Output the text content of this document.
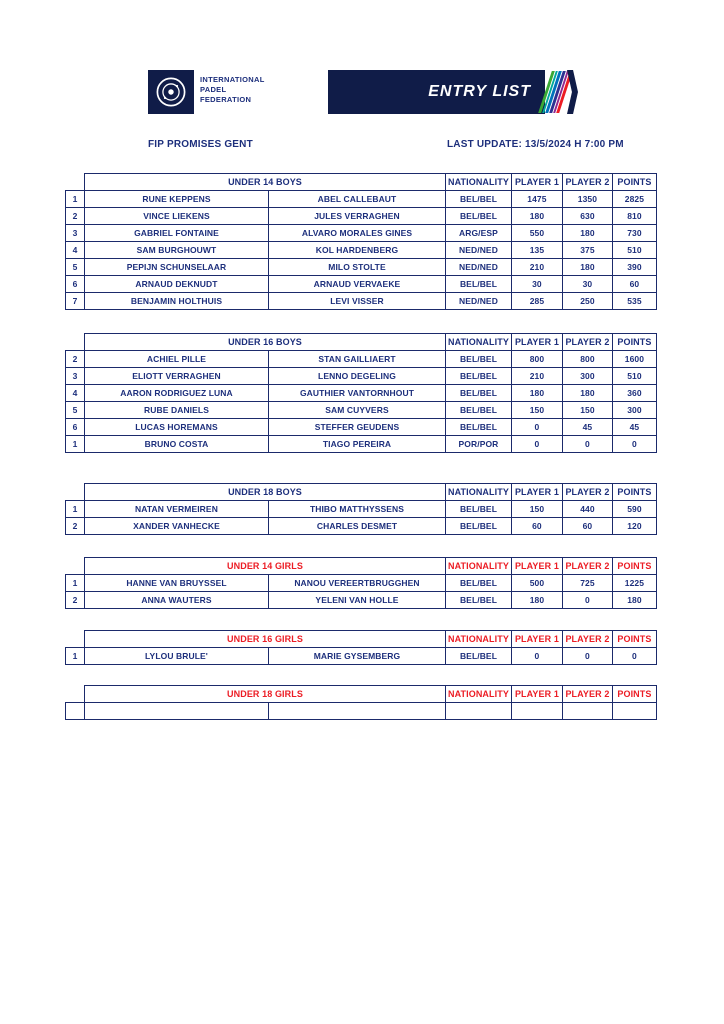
INTERNATIONAL
PADEL
FEDERATION	ENTRY LIST
FIP PROMISES GENT	LAST UPDATE: 13/5/2024 H 7:00 PM
	UNDER 14 BOYS		NATIONALITY	PLAYER 1	PLAYER 2	POINTS
1	RUNE KEPPENS	ABEL CALLEBAUT	BEL/BEL	1475	1350	2825
2	VINCE LIEKENS	JULES VERRAGHEN	BEL/BEL	180	630	810
3	GABRIEL FONTAINE	ALVARO MORALES GINES	ARG/ESP	550	180	730
4	SAM BURGHOUWT	KOL HARDENBERG	NED/NED	135	375	510
5	PEPIJN SCHUNSELAAR	MILO STOLTE	NED/NED	210	180	390
6	ARNAUD DEKNUDT	ARNAUD VERVAEKE	BEL/BEL	30	30	60
7	BENJAMIN HOLTHUIS	LEVI VISSER	NED/NED	285	250	535
	UNDER 16 BOYS		NATIONALITY	PLAYER 1	PLAYER 2	POINTS
2	ACHIEL PILLE	STAN GAILLIAERT	BEL/BEL	800	800	1600
3	ELIOTT VERRAGHEN	LENNO DEGELING	BEL/BEL	210	300	510
4	AARON RODRIGUEZ LUNA	GAUTHIER VANTORNHOUT	BEL/BEL	180	180	360
5	RUBE DANIELS	SAM CUYVERS	BEL/BEL	150	150	300
6	LUCAS HOREMANS	STEFFER GEUDENS	BEL/BEL	0	45	45
1	BRUNO COSTA	TIAGO PEREIRA	POR/POR	0	0	0
	UNDER 18 BOYS		NATIONALITY	PLAYER 1	PLAYER 2	POINTS
1	NATAN VERMEIREN	THIBO MATTHYSSENS	BEL/BEL	150	440	590
2	XANDER VANHECKE	CHARLES DESMET	BEL/BEL	60	60	120
	UNDER 14 GIRLS		NATIONALITY	PLAYER 1	PLAYER 2	POINTS
1	HANNE VAN BRUYSSEL	NANOU VEREERTBRUGGHEN	BEL/BEL	500	725	1225
2	ANNA WAUTERS	YELENI VAN HOLLE	BEL/BEL	180	0	180
	UNDER 16 GIRLS		NATIONALITY	PLAYER 1	PLAYER 2	POINTS
1	LYLOU BRULE'	MARIE GYSEMBERG	BEL/BEL	0	0	0
	UNDER 18 GIRLS		NATIONALITY	PLAYER 1	PLAYER 2	POINTS
